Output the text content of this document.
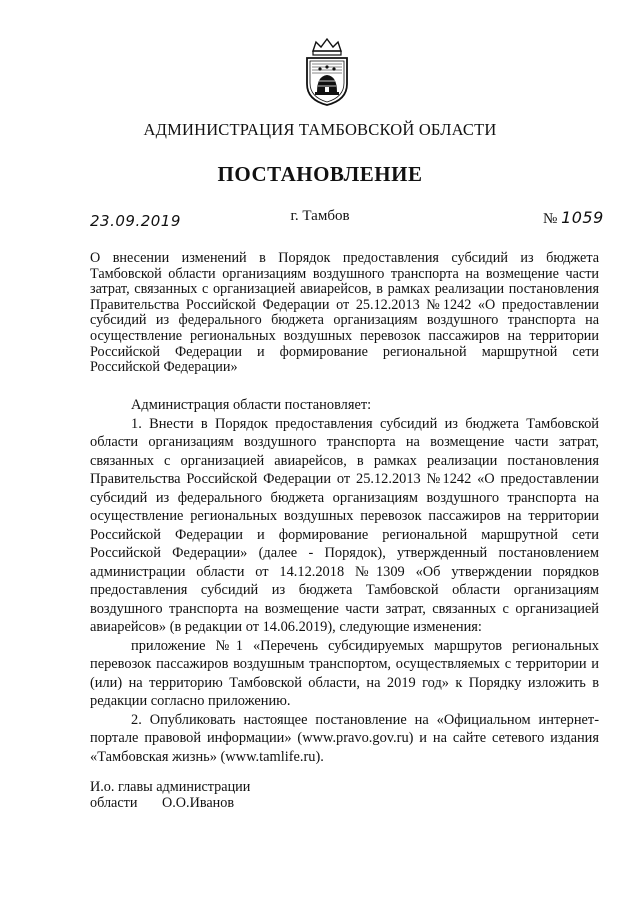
АДМИНИСТРАЦИЯ ТАМБОВСКОЙ ОБЛАСТИ
ПОСТАНОВЛЕНИЕ
23.09.2019	г. Тамбов	№ 1059
О внесении изменений в Порядок предоставления субсидий из бюджета Тамбовской области организациям воздушного транспорта на возмещение части затрат, связанных с организацией авиарейсов, в рамках реализации постановления Правительства Российской Федерации от 25.12.2013 №1242 «О предоставлении субсидий из федерального бюджета организациям воздушного транспорта на осуществление региональных воздушных перевозок пассажиров на территории Российской Федерации и формирование региональной маршрутной сети Российской Федерации»

Администрация области постановляет:

1. Внести в Порядок предоставления субсидий из бюджета Тамбовской области организациям воздушного транспорта на возмещение части затрат, связанных с организацией авиарейсов, в рамках реализации постановления Правительства Российской Федерации от 25.12.2013 №1242 «О предоставлении субсидий из федерального бюджета организациям воздушного транспорта на осуществление региональных воздушных перевозок пассажиров на территории Российской Федерации и формирование региональной маршрутной сети Российской Федерации» (далее - Порядок), утвержденный постановлением администрации области от 14.12.2018 №1309 «Об утверждении порядков предоставления субсидий из бюджета Тамбовской области организациям воздушного транспорта на возмещение части затрат, связанных с организацией авиарейсов» (в редакции от 14.06.2019), следующие изменения:

приложение №1 «Перечень субсидируемых маршрутов региональных перевозок пассажиров воздушным транспортом, осуществляемых с территории и (или) на территорию Тамбовской области, на 2019 год» к Порядку изложить в редакции согласно приложению.

2. Опубликовать настоящее постановление на «Официальном интернет-портале правовой информации» (www.pravo.gov.ru) и на сайте сетевого издания «Тамбовская жизнь» (www.tamlife.ru).

И.о. главы администрации
области	О.О.Иванов
